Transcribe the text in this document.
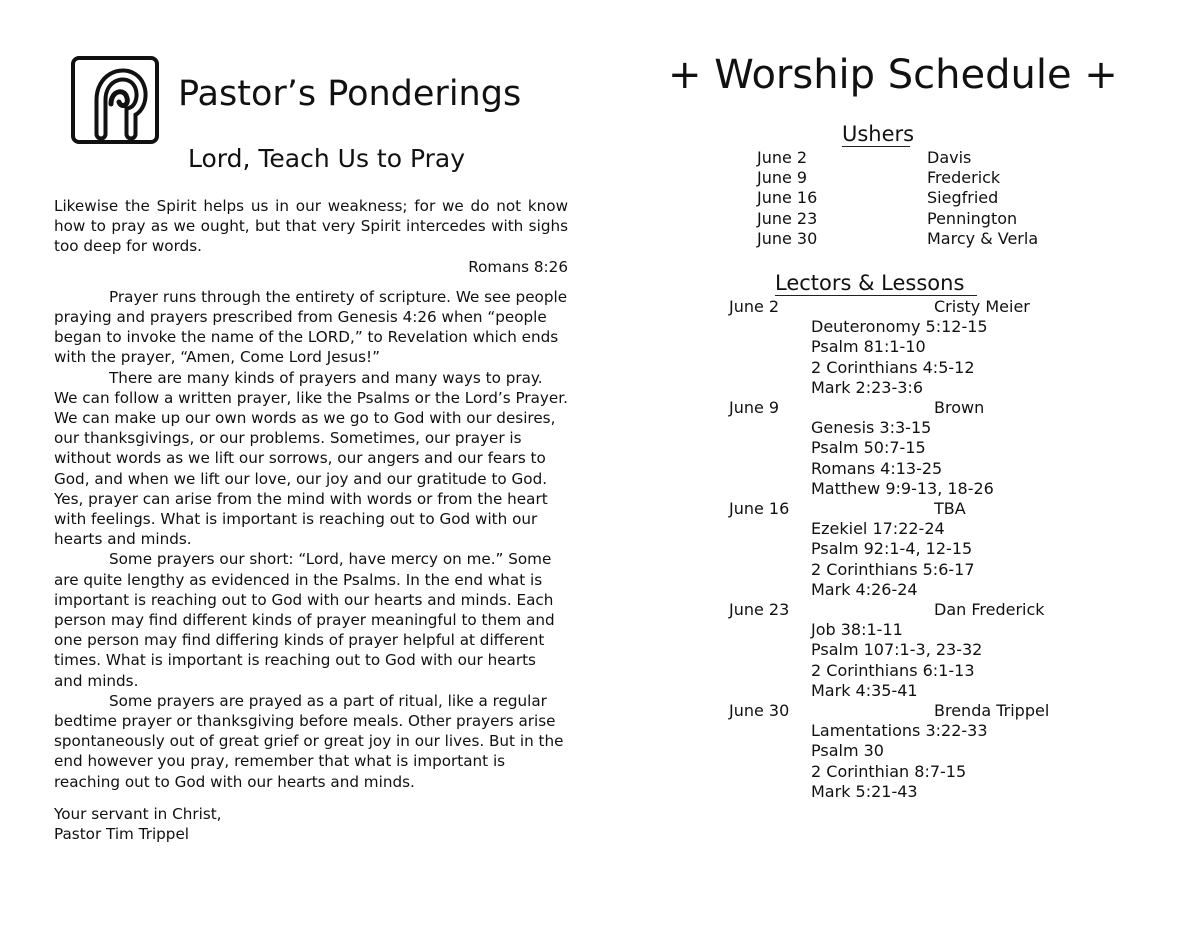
Pastor’s Ponderings
Lord, Teach Us to Pray

Likewise the Spirit helps us in our weakness; for we do not know how to pray as we ought, but that very Spirit intercedes with sighs too deep for words.

Romans 8:26

Prayer runs through the entirety of scripture. We see people praying and prayers prescribed from Genesis 4:26 when “people began to invoke the name of the LORD,” to Revelation which ends with the prayer, “Amen, Come Lord Jesus!”

There are many kinds of prayers and many ways to pray. We can follow a written prayer, like the Psalms or the Lord’s Prayer. We can make up our own words as we go to God with our desires, our thanksgivings, or our problems. Sometimes, our prayer is without words as we lift our sorrows, our angers and our fears to God, and when we lift our love, our joy and our gratitude to God. Yes, prayer can arise from the mind with words or from the heart with feelings. What is important is reaching out to God with our hearts and minds.

Some prayers our short: “Lord, have mercy on me.” Some are quite lengthy as evidenced in the Psalms. In the end what is important is reaching out to God with our hearts and minds. Each person may find different kinds of prayer meaningful to them and one person may find differing kinds of prayer helpful at different times. What is important is reaching out to God with our hearts and minds.

Some prayers are prayed as a part of ritual, like a regular bedtime prayer or thanksgiving before meals. Other prayers arise spontaneously out of great grief or great joy in our lives. But in the end however you pray, remember that what is important is reaching out to God with our hearts and minds.

Your servant in Christ,

Pastor Tim Trippel

+ Worship Schedule +
Ushers
June 2	Davis
June 9	Frederick
June 16	Siegfried
June 23	Pennington
June 30	Marcy & Verla
Lectors & Lessons
June 2	Cristy Meier
Deuteronomy 5:12-15
Psalm 81:1-10
2 Corinthians 4:5-12
Mark 2:23-3:6
June 9	Brown
Genesis 3:3-15
Psalm 50:7-15
Romans 4:13-25
Matthew 9:9-13, 18-26
June 16	TBA
Ezekiel 17:22-24
Psalm 92:1-4, 12-15
2 Corinthians 5:6-17
Mark 4:26-24
June 23	Dan Frederick
Job 38:1-11
Psalm 107:1-3, 23-32
2 Corinthians 6:1-13
Mark 4:35-41
June 30	Brenda Trippel
Lamentations 3:22-33
Psalm 30
2 Corinthian 8:7-15
Mark 5:21-43
